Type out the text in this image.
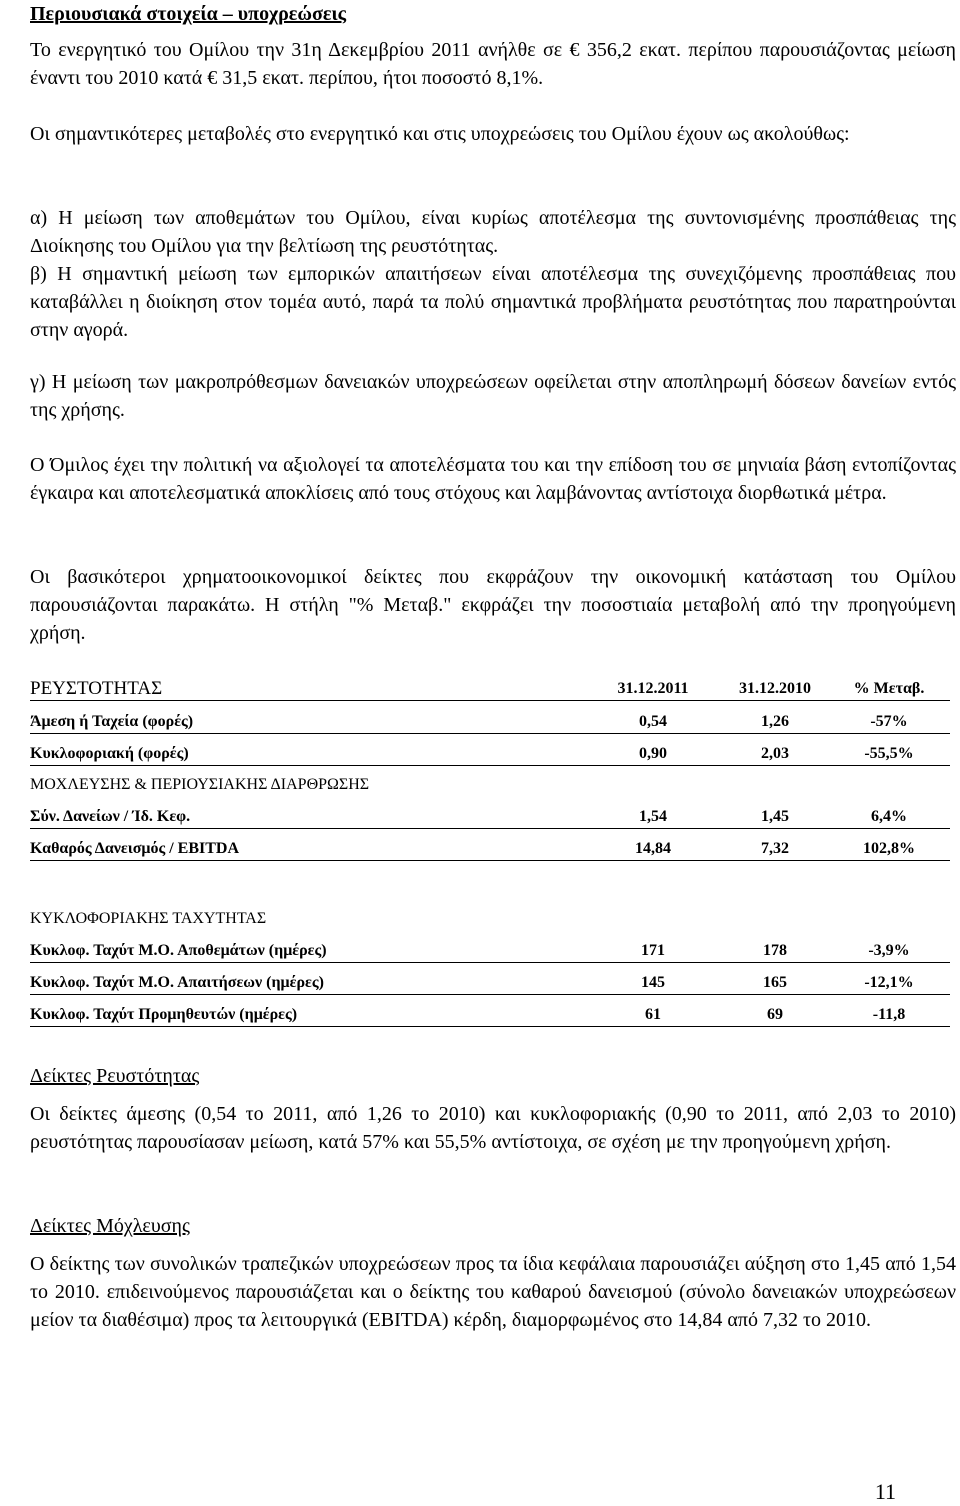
Περιουσιακά στοιχεία – υποχρεώσεις

Το ενεργητικό του Ομίλου την 31η Δεκεμβρίου 2011 ανήλθε σε € 356,2 εκατ. περίπου παρουσιάζοντας μείωση έναντι του 2010 κατά € 31,5 εκατ. περίπου, ήτοι ποσοστό 8,1%.

Οι σημαντικότερες μεταβολές στο ενεργητικό και στις υποχρεώσεις του Ομίλου έχουν ως ακολούθως:

α) Η μείωση των αποθεμάτων του Ομίλου, είναι κυρίως αποτέλεσμα της συντονισμένης προσπάθειας της Διοίκησης του Ομίλου για την βελτίωση της ρευστότητας.

β) Η σημαντική μείωση των εμπορικών απαιτήσεων είναι αποτέλεσμα της συνεχιζόμενης προσπάθειας που καταβάλλει η διοίκηση στον τομέα αυτό, παρά τα πολύ σημαντικά προβλήματα ρευστότητας που παρατηρούνται στην αγορά.

γ) Η μείωση των μακροπρόθεσμων δανειακών υποχρεώσεων οφείλεται στην αποπληρωμή δόσεων δανείων εντός της χρήσης.

Ο Όμιλος έχει την πολιτική να αξιολογεί τα αποτελέσματα του και την επίδοση του σε μηνιαία βάση εντοπίζοντας έγκαιρα και αποτελεσματικά αποκλίσεις από τους στόχους και λαμβάνοντας αντίστοιχα διορθωτικά μέτρα.

Οι βασικότεροι χρηματοοικονομικοί δείκτες που εκφράζουν την οικονομική κατάσταση του Ομίλου παρουσιάζονται παρακάτω. Η στήλη "% Μεταβ." εκφράζει την ποσοστιαία μεταβολή από την προηγούμενη χρήση.

ΡΕΥΣΤΟΤΗΤΑΣ	31.12.2011	31.12.2010	% Μεταβ.
Άμεση ή Ταχεία (φορές)	0,54	1,26	-57%
Κυκλοφοριακή (φορές)	0,90	2,03	-55,5%
ΜΟΧΛΕΥΣΗΣ & ΠΕΡΙΟΥΣΙΑΚΗΣ ΔΙΑΡΘΡΩΣΗΣ
Σύν. Δανείων / Ίδ. Κεφ.	1,54	1,45	6,4%
Καθαρός Δανεισμός / EBITDA	14,84	7,32	102,8%
ΚΥΚΛΟΦΟΡΙΑΚΗΣ ΤΑΧΥΤΗΤΑΣ
Κυκλοφ. Ταχύτ Μ.Ο. Αποθεμάτων (ημέρες)	171	178	-3,9%
Κυκλοφ. Ταχύτ Μ.Ο. Απαιτήσεων (ημέρες)	145	165	-12,1%
Κυκλοφ. Ταχύτ Προμηθευτών (ημέρες)	61	69	-11,8
Δείκτες Ρευστότητας

Οι δείκτες άμεσης (0,54 το 2011, από 1,26 το 2010) και κυκλοφοριακής (0,90 το 2011, από 2,03 το 2010) ρευστότητας παρουσίασαν μείωση, κατά 57% και 55,5% αντίστοιχα, σε σχέση με την προηγούμενη χρήση.

Δείκτες Μόχλευσης

Ο δείκτης των συνολικών τραπεζικών υποχρεώσεων προς τα ίδια κεφάλαια παρουσιάζει αύξηση στο 1,45 από 1,54 το 2010. επιδεινούμενος παρουσιάζεται και ο δείκτης του καθαρού δανεισμού (σύνολο δανειακών υποχρεώσεων μείον τα διαθέσιμα) προς τα λειτουργικά (EBITDA) κέρδη, διαμορφωμένος στο 14,84 από 7,32 το 2010.

11
